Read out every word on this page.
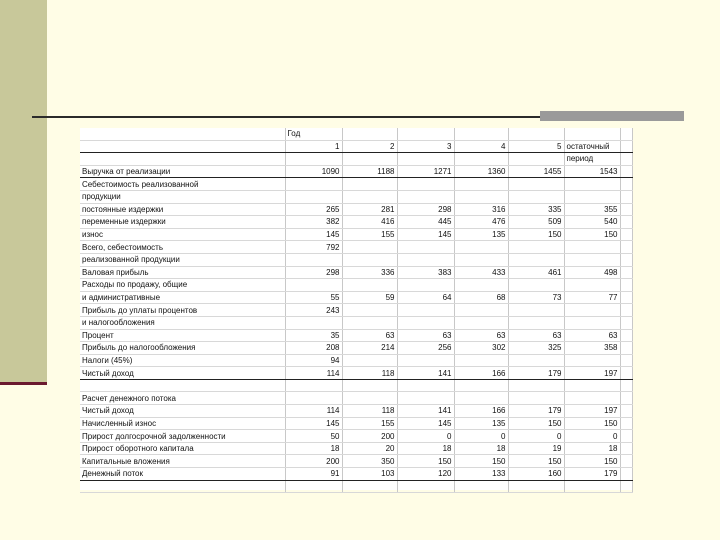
	Год						
	1	2	3	4	5	остаточный	
						период	
Выручка от реализации	1090	1188	1271	1360	1455	1543	
Себестоимость реализованной							
продукции							
постоянные издержки	265	281	298	316	335	355	
переменные издержки	382	416	445	476	509	540	
износ	145	155	145	135	150	150	
Всего, себестоимость	792						
реализованной продукции							
Валовая прибыль	298	336	383	433	461	498	
Расходы по продажу, общие							
и административные	55	59	64	68	73	77	
Прибыль до уплаты процентов	243						
и налогообложения							
Процент	35	63	63	63	63	63	
Прибыль до налогообложения	208	214	256	302	325	358	
Налоги (45%)	94						
Чистый доход	114	118	141	166	179	197	

Расчет денежного потока							
Чистый доход	114	118	141	166	179	197	
Начисленный износ	145	155	145	135	150	150	
Прирост долгосрочной задолженности	50	200	0	0	0	0	
Прирост оборотного капитала	18	20	18	18	19	18	
Капитальные вложения	200	350	150	150	150	150	
Денежный поток	91	103	120	133	160	179	
